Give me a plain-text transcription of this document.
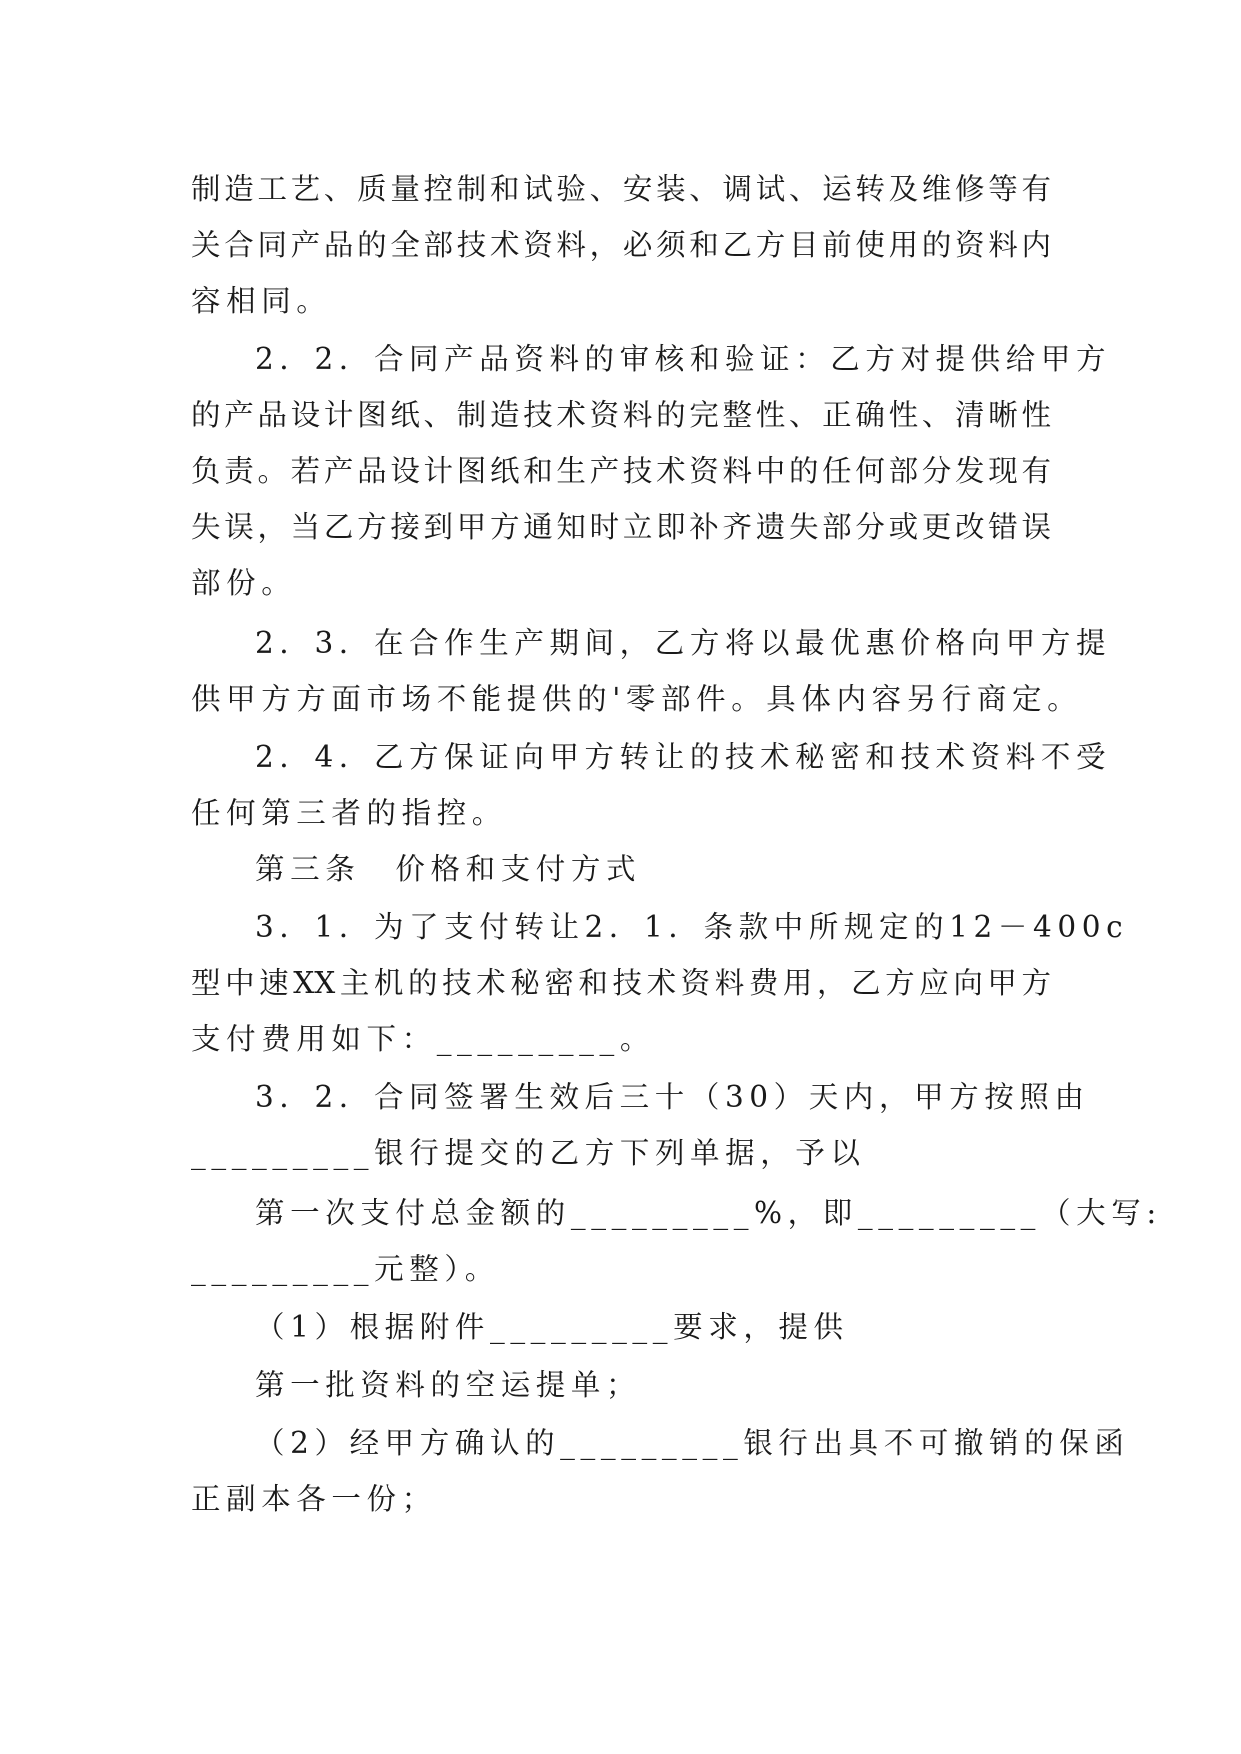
制造工艺、质量控制和试验、安装、调试、运转及维修等有
关合同产品的全部技术资料，必须和乙方目前使用的资料内
容相同。
2．2．合同产品资料的审核和验证：乙方对提供给甲方
的产品设计图纸、制造技术资料的完整性、正确性、清晰性
负责。若产品设计图纸和生产技术资料中的任何部分发现有
失误，当乙方接到甲方通知时立即补齐遗失部分或更改错误
部份。
2．3．在合作生产期间，乙方将以最优惠价格向甲方提
供甲方方面市场不能提供的'零部件。具体内容另行商定。
2．4．乙方保证向甲方转让的技术秘密和技术资料不受
任何第三者的指控。
第三条　价格和支付方式
3．1．为了支付转让2．1．条款中所规定的12－400c
型中速XX主机的技术秘密和技术资料费用，乙方应向甲方
支付费用如下：_________。
3．2．合同签署生效后三十（30）天内，甲方按照由
_________银行提交的乙方下列单据，予以
第一次支付总金额的_________%，即_________（大写:
_________元整）。
（1）根据附件_________要求，提供
第一批资料的空运提单；
（2）经甲方确认的_________银行出具不可撤销的保函
正副本各一份；
